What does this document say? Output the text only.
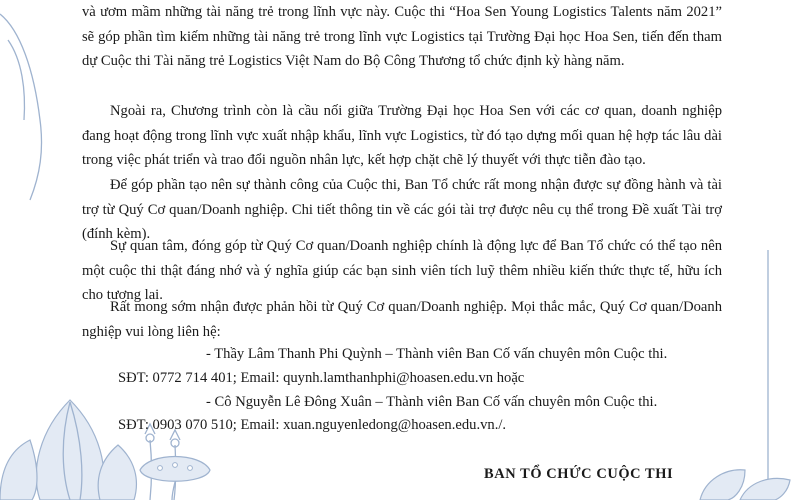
và ươm mầm những tài năng trẻ trong lĩnh vực này. Cuộc thi “Hoa Sen Young Logistics Talents năm 2021” sẽ góp phần tìm kiếm những tài năng trẻ trong lĩnh vực Logistics tại Trường Đại học Hoa Sen, tiến đến tham dự Cuộc thi Tài năng trẻ Logistics Việt Nam do Bộ Công Thương tổ chức định kỳ hàng năm.

Ngoài ra, Chương trình còn là cầu nối giữa Trường Đại học Hoa Sen với các cơ quan, doanh nghiệp đang hoạt động trong lĩnh vực xuất nhập khẩu, lĩnh vực Logistics, từ đó tạo dựng mối quan hệ hợp tác lâu dài trong việc phát triển và trao đổi nguồn nhân lực, kết hợp chặt chẽ lý thuyết với thực tiễn đào tạo.

Để góp phần tạo nên sự thành công của Cuộc thi, Ban Tổ chức rất mong nhận được sự đồng hành và tài trợ từ Quý Cơ quan/Doanh nghiệp. Chi tiết thông tin về các gói tài trợ được nêu cụ thể trong Đề xuất Tài trợ (đính kèm).

Sự quan tâm, đóng góp từ Quý Cơ quan/Doanh nghiệp chính là động lực để Ban Tổ chức có thể tạo nên một cuộc thi thật đáng nhớ và ý nghĩa giúp các bạn sinh viên tích luỹ thêm nhiều kiến thức thực tế, hữu ích cho tương lai.

Rất mong sớm nhận được phản hồi từ Quý Cơ quan/Doanh nghiệp. Mọi thắc mắc, Quý Cơ quan/Doanh nghiệp vui lòng liên hệ:

- Thầy Lâm Thanh Phi Quỳnh – Thành viên Ban Cố vấn chuyên môn Cuộc thi.

SĐT: 0772 714 401; Email: quynh.lamthanhphi@hoasen.edu.vn hoặc

- Cô Nguyễn Lê Đông Xuân – Thành viên Ban Cố vấn chuyên môn Cuộc thi.

SĐT: 0903 070 510; Email: xuan.nguyenledong@hoasen.edu.vn./.

BAN TỔ CHỨC CUỘC THI
